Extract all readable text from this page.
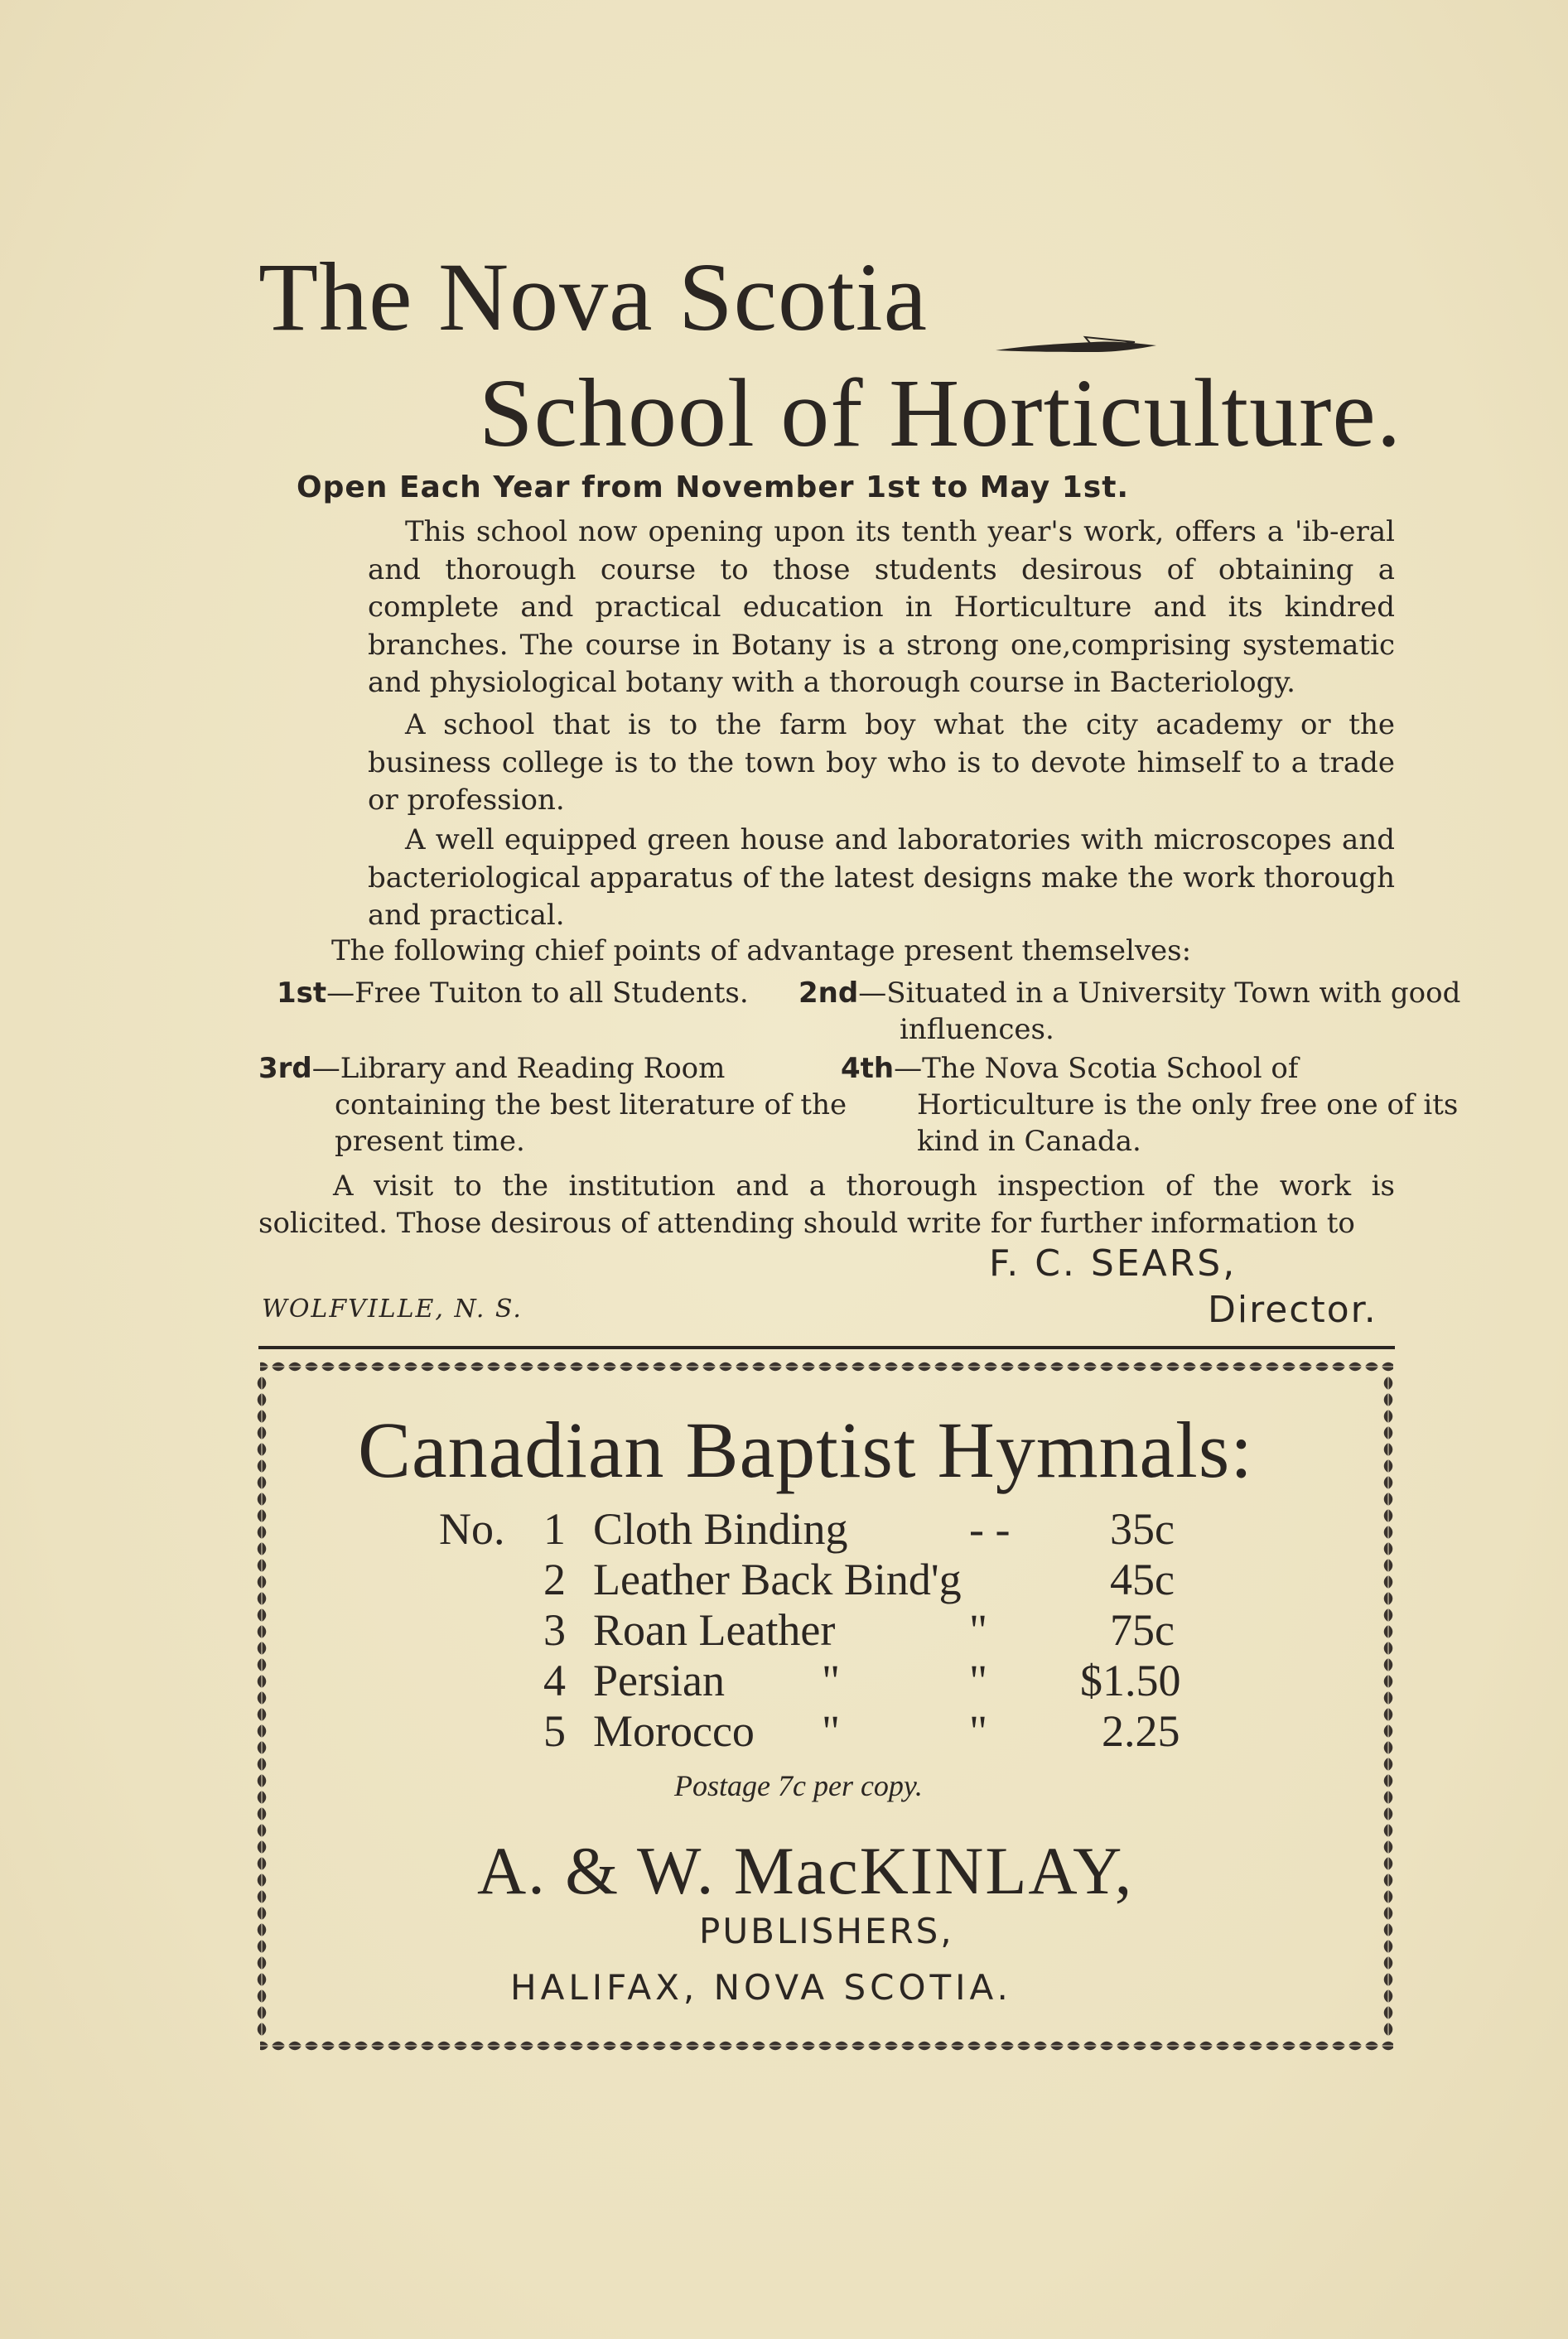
The Nova Scotia
School of Horticulture.
Open Each Year from November 1st to May 1st.
This school now opening upon its tenth year's work, offers a 'ib-eral and thorough course to those students desirous of obtaining a complete and practical education in Horticulture and its kindred branches. The course in Botany is a strong one,comprising systematic and physiological botany with a thorough course in Bacteriology.
A school that is to the farm boy what the city academy or the business college is to the town boy who is to devote himself to a trade or profession.
A well equipped green house and laboratories with microscopes and bacteriological apparatus of the latest designs make the work thorough and practical.
The following chief points of advantage present themselves:
1st—Free Tuiton to all Students.	2nd—Situated in a University Town with good influences.
3rd—Library and Reading Room containing the best literature of the present time.
4th—The Nova Scotia School of Horticulture is the only free one of its kind in Canada.
A visit to the institution and a thorough inspection of the work is solicited. Those desirous of attending should write for further information to
F. C. SEARS,
WOLFVILLE, N. S.	Director.
Canadian Baptist Hymnals:
No. 1 Cloth Binding	- - 35c
2 Leather Back Bind'g	45c
3 Roan Leather	"	75c
4 Persian "	" $1.50
5 Morocco "	"	2.25
Postage 7c per copy.
A. & W. MacKINLAY,
PUBLISHERS,
HALIFAX, NOVA SCOTIA.
